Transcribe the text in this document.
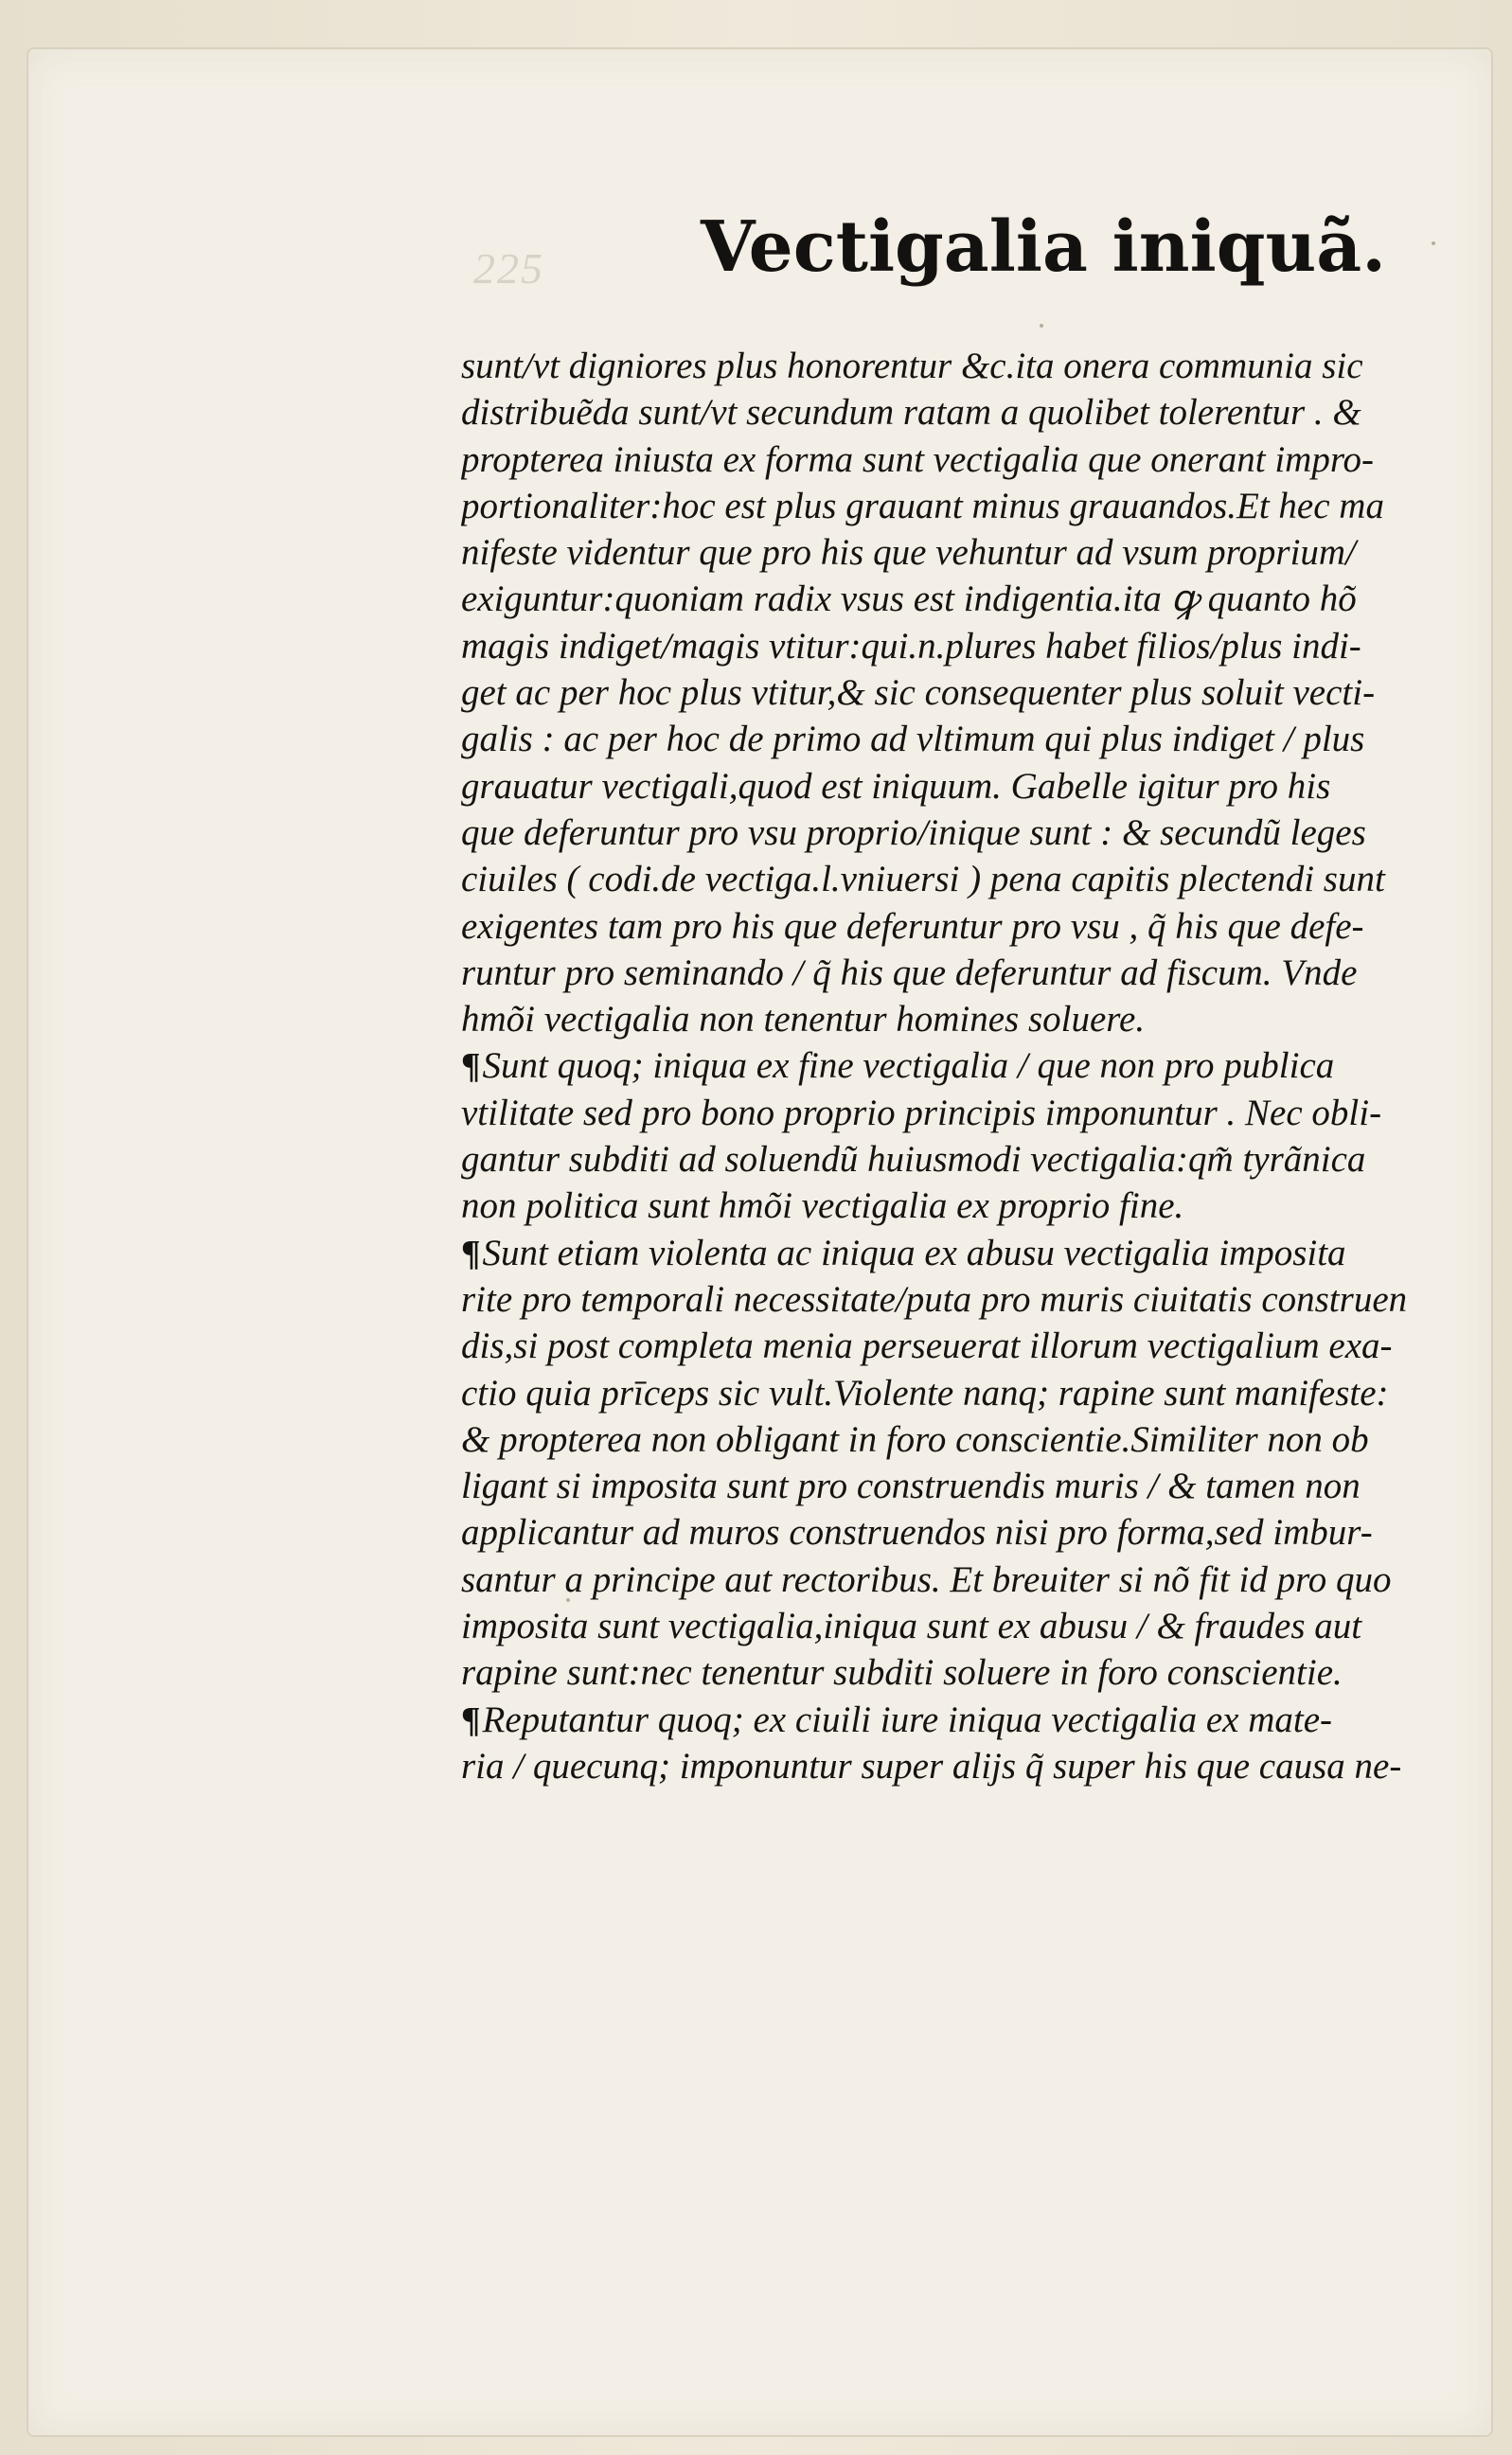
225 Vectigalia iniquã.
sunt/vt digniores plus honorentur &c.ita onera communia sic
distribuẽda sunt/vt secundum ratam a quolibet tolerentur . &
propterea iniusta ex forma sunt vectigalia que onerant impro-
portionaliter:hoc est plus grauant minus grauandos.Et hec ma
nifeste videntur que pro his que vehuntur ad vsum proprium/
exiguntur:quoniam radix vsus est indigentia.ita ꝙ quanto hõ
magis indiget/magis vtitur:qui.n.plures habet filios/plus indi-
get ac per hoc plus vtitur,& sic consequenter plus soluit vecti-
galis : ac per hoc de primo ad vltimum qui plus indiget / plus
grauatur vectigali,quod est iniquum. Gabelle igitur pro his
que deferuntur pro vsu proprio/inique sunt : & secundũ leges
ciuiles ( codi.de vectiga.l.vniuersi ) pena capitis plectendi sunt
exigentes tam pro his que deferuntur pro vsu , q̃ his que defe-
runtur pro seminando / q̃ his que deferuntur ad fiscum. Vnde
hmõi vectigalia non tenentur homines soluere.
¶Sunt quoq; iniqua ex fine vectigalia / que non pro publica
vtilitate sed pro bono proprio principis imponuntur . Nec obli-
gantur subditi ad soluendũ huiusmodi vectigalia:qm̃ tyrãnica
non politica sunt hmõi vectigalia ex proprio fine.
¶Sunt etiam violenta ac iniqua ex abusu vectigalia imposita
rite pro temporali necessitate/puta pro muris ciuitatis construen
dis,si post completa menia perseuerat illorum vectigalium exa-
ctio quia prīceps sic vult.Violente nanq; rapine sunt manifeste:
& propterea non obligant in foro conscientie.Similiter non ob
ligant si imposita sunt pro construendis muris / & tamen non
applicantur ad muros construendos nisi pro forma,sed imbur-
santur a principe aut rectoribus. Et breuiter si nõ fit id pro quo
imposita sunt vectigalia,iniqua sunt ex abusu / & fraudes aut
rapine sunt:nec tenentur subditi soluere in foro conscientie.
¶Reputantur quoq; ex ciuili iure iniqua vectigalia ex mate-
ria / quecunq; imponuntur super alijs q̃ super his que causa ne-
